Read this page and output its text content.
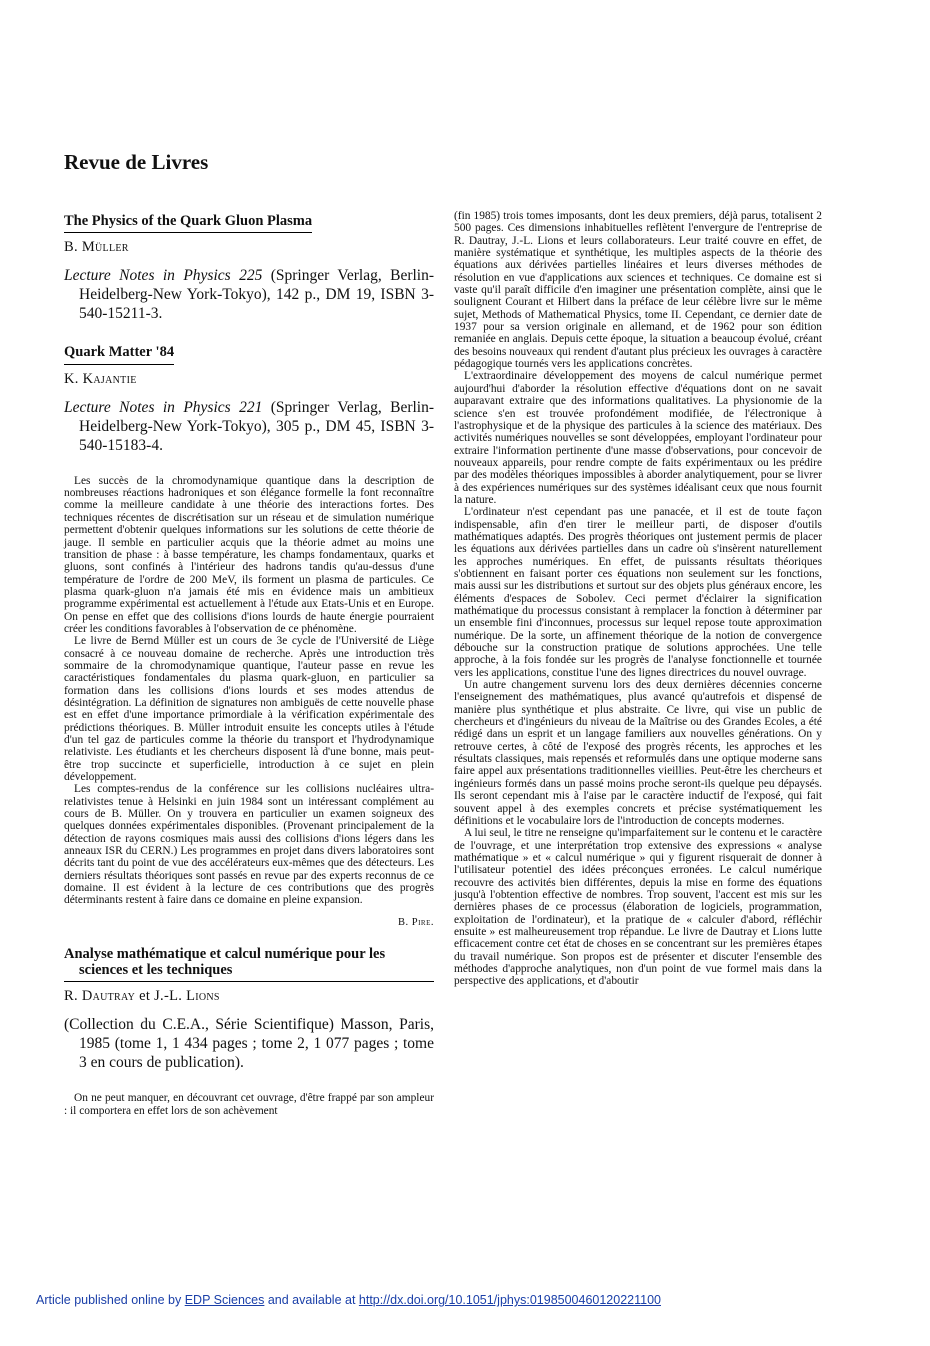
Revue de Livres
The Physics of the Quark Gluon Plasma
B. Müller
Lecture Notes in Physics 225 (Springer Verlag, Berlin-Heidelberg-New York-Tokyo), 142 p., DM 19, ISBN 3-540-15211-3.
Quark Matter '84
K. Kajantie
Lecture Notes in Physics 221 (Springer Verlag, Berlin-Heidelberg-New York-Tokyo), 305 p., DM 45, ISBN 3-540-15183-4.

Les succès de la chromodynamique quantique dans la description de nombreuses réactions hadroniques et son élégance formelle la font reconnaître comme la meilleure candidate à une théorie des interactions fortes. Des techniques récentes de discrétisation sur un réseau et de simulation numérique permettent d'obtenir quelques informations sur les solutions de cette théorie de jauge. Il semble en particulier acquis que la théorie admet au moins une transition de phase : à basse température, les champs fondamentaux, quarks et gluons, sont confinés à l'intérieur des hadrons tandis qu'au-dessus d'une température de l'ordre de 200 MeV, ils forment un plasma de particules. Ce plasma quark-gluon n'a jamais été mis en évidence mais un ambitieux programme expérimental est actuellement à l'étude aux Etats-Unis et en Europe. On pense en effet que des collisions d'ions lourds de haute énergie pourraient créer les conditions favorables à l'observation de ce phénomène.

Le livre de Bernd Müller est un cours de 3e cycle de l'Université de Liège consacré à ce nouveau domaine de recherche. Après une introduction très sommaire de la chromodynamique quantique, l'auteur passe en revue les caractéristiques fondamentales du plasma quark-gluon, en particulier sa formation dans les collisions d'ions lourds et ses modes attendus de désintégration. La définition de signatures non ambiguës de cette nouvelle phase est en effet d'une importance primordiale à la vérification expérimentale des prédictions théoriques. B. Müller introduit ensuite les concepts utiles à l'étude d'un tel gaz de particules comme la théorie du transport et l'hydrodynamique relativiste. Les étudiants et les chercheurs disposent là d'une bonne, mais peut-être trop succincte et superficielle, introduction à ce sujet en plein développement.

Les comptes-rendus de la conférence sur les collisions nucléaires ultra-relativistes tenue à Helsinki en juin 1984 sont un intéressant complément au cours de B. Müller. On y trouvera en particulier un examen soigneux des quelques données expérimentales disponibles. (Provenant principalement de la détection de rayons cosmiques mais aussi des collisions d'ions légers dans les anneaux ISR du CERN.) Les programmes en projet dans divers laboratoires sont décrits tant du point de vue des accélérateurs eux-mêmes que des détecteurs. Les derniers résultats théoriques sont passés en revue par des experts reconnus de ce domaine. Il est évident à la lecture de ces contributions que des progrès déterminants restent à faire dans ce domaine en pleine expansion.

B. Pire.
Analyse mathématique et calcul numérique pour les
sciences et les techniques
R. Dautray et J.-L. Lions
(Collection du C.E.A., Série Scientifique) Masson, Paris, 1985 (tome 1, 1 434 pages ; tome 2, 1 077 pages ; tome 3 en cours de publication).

On ne peut manquer, en découvrant cet ouvrage, d'être frappé par son ampleur : il comportera en effet lors de son achèvement

(fin 1985) trois tomes imposants, dont les deux premiers, déjà parus, totalisent 2 500 pages. Ces dimensions inhabituelles reflètent l'envergure de l'entreprise de R. Dautray, J.-L. Lions et leurs collaborateurs. Leur traité couvre en effet, de manière systématique et synthétique, les multiples aspects de la théorie des équations aux dérivées partielles linéaires et leurs diverses méthodes de résolution en vue d'applications aux sciences et techniques. Ce domaine est si vaste qu'il paraît difficile d'en imaginer une présentation complète, ainsi que le soulignent Courant et Hilbert dans la préface de leur célèbre livre sur le même sujet, Methods of Mathematical Physics, tome II. Cependant, ce dernier date de 1937 pour sa version originale en allemand, et de 1962 pour son édition remaniée en anglais. Depuis cette époque, la situation a beaucoup évolué, créant des besoins nouveaux qui rendent d'autant plus précieux les ouvrages à caractère pédagogique tournés vers les applications concrètes.

L'extraordinaire développement des moyens de calcul numérique permet aujourd'hui d'aborder la résolution effective d'équations dont on ne savait auparavant extraire que des informations qualitatives. La physionomie de la science s'en est trouvée profondément modifiée, de l'électronique à l'astrophysique et de la physique des particules à la science des matériaux. Des activités numériques nouvelles se sont développées, employant l'ordinateur pour extraire l'information pertinente d'une masse d'observations, pour concevoir de nouveaux appareils, pour rendre compte de faits expérimentaux ou les prédire par des modèles théoriques impossibles à aborder analytiquement, pour se livrer à des expériences numériques sur des systèmes idéalisant ceux que nous fournit la nature.

L'ordinateur n'est cependant pas une panacée, et il est de toute façon indispensable, afin d'en tirer le meilleur parti, de disposer d'outils mathématiques adaptés. Des progrès théoriques ont justement permis de placer les équations aux dérivées partielles dans un cadre où s'insèrent naturellement les approches numériques. En effet, de puissants résultats théoriques s'obtiennent en faisant porter ces équations non seulement sur les fonctions, mais aussi sur les distributions et surtout sur des objets plus généraux encore, les éléments d'espaces de Sobolev. Ceci permet d'éclairer la signification mathématique du processus consistant à remplacer la fonction à déterminer par un ensemble fini d'inconnues, processus sur lequel repose toute approximation numérique. De la sorte, un affinement théorique de la notion de convergence débouche sur la construction pratique de solutions approchées. Une telle approche, à la fois fondée sur les progrès de l'analyse fonctionnelle et tournée vers les applications, constitue l'une des lignes directrices du nouvel ouvrage.

Un autre changement survenu lors des deux dernières décennies concerne l'enseignement des mathématiques, plus avancé qu'autrefois et dispensé de manière plus synthétique et plus abstraite. Ce livre, qui vise un public de chercheurs et d'ingénieurs du niveau de la Maîtrise ou des Grandes Ecoles, a été rédigé dans un esprit et un langage familiers aux nouvelles générations. On y retrouve certes, à côté de l'exposé des progrès récents, les approches et les résultats classiques, mais repensés et reformulés dans une optique moderne sans faire appel aux présentations traditionnelles vieillies. Peut-être les chercheurs et ingénieurs formés dans un passé moins proche seront-ils quelque peu dépaysés. Ils seront cependant mis à l'aise par le caractère inductif de l'exposé, qui fait souvent appel à des exemples concrets et précise systématiquement les définitions et le vocabulaire lors de l'introduction de concepts modernes.

A lui seul, le titre ne renseigne qu'imparfaitement sur le contenu et le caractère de l'ouvrage, et une interprétation trop extensive des expressions « analyse mathématique » et « calcul numérique » qui y figurent risquerait de donner à l'utilisateur potentiel des idées préconçues erronées. Le calcul numérique recouvre des activités bien différentes, depuis la mise en forme des équations jusqu'à l'obtention effective de nombres. Trop souvent, l'accent est mis sur les dernières phases de ce processus (élaboration de logiciels, programmation, exploitation de l'ordinateur), et la pratique de « calculer d'abord, réfléchir ensuite » est malheureusement trop répandue. Le livre de Dautray et Lions lutte efficacement contre cet état de choses en se concentrant sur les premières étapes du travail numérique. Son propos est de présenter et discuter l'ensemble des méthodes d'approche analytiques, non d'un point de vue formel mais dans la perspective des applications, et d'aboutir

Article published online by EDP Sciences and available at http://dx.doi.org/10.1051/jphys:0198500460120221100
